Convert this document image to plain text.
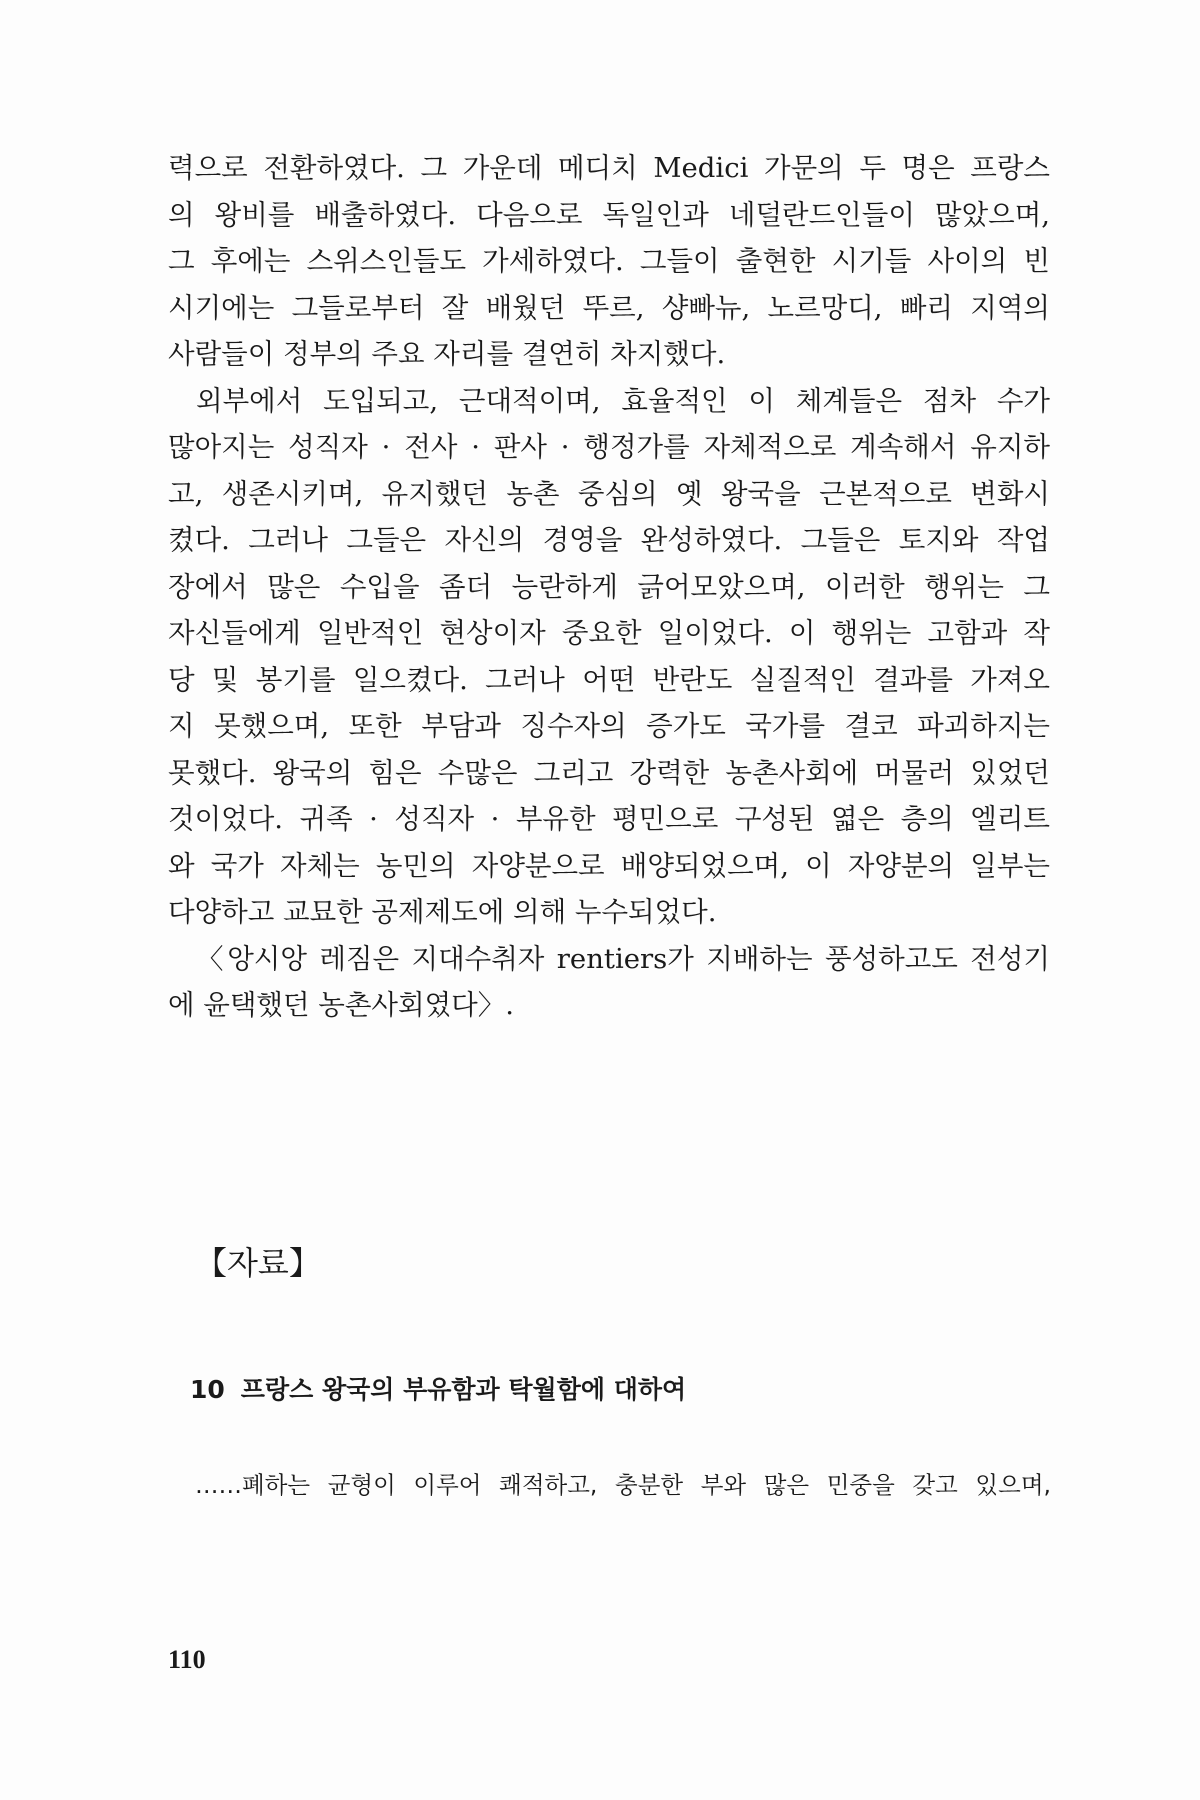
력으로 전환하였다. 그 가운데 메디치 Medici 가문의 두 명은 프랑스
의 왕비를 배출하였다. 다음으로 독일인과 네덜란드인들이 많았으며,
그 후에는 스위스인들도 가세하였다. 그들이 출현한 시기들 사이의 빈
시기에는 그들로부터 잘 배웠던 뚜르, 샹빠뉴, 노르망디, 빠리 지역의
사람들이 정부의 주요 자리를 결연히 차지했다.
외부에서 도입되고, 근대적이며, 효율적인 이 체계들은 점차 수가
많아지는 성직자 · 전사 · 판사 · 행정가를 자체적으로 계속해서 유지하
고, 생존시키며, 유지했던 농촌 중심의 옛 왕국을 근본적으로 변화시
켰다. 그러나 그들은 자신의 경영을 완성하였다. 그들은 토지와 작업
장에서 많은 수입을 좀더 능란하게 긁어모았으며, 이러한 행위는 그
자신들에게 일반적인 현상이자 중요한 일이었다. 이 행위는 고함과 작
당 및 봉기를 일으켰다. 그러나 어떤 반란도 실질적인 결과를 가져오
지 못했으며, 또한 부담과 징수자의 증가도 국가를 결코 파괴하지는
못했다. 왕국의 힘은 수많은 그리고 강력한 농촌사회에 머물러 있었던
것이었다. 귀족 · 성직자 · 부유한 평민으로 구성된 엷은 층의 엘리트
와 국가 자체는 농민의 자양분으로 배양되었으며, 이 자양분의 일부는
다양하고 교묘한 공제제도에 의해 누수되었다.
〈앙시앙 레짐은 지대수취자 rentiers가 지배하는 풍성하고도 전성기
에 윤택했던 농촌사회였다〉.
【자료】
10 프랑스 왕국의 부유함과 탁월함에 대하여
……폐하는 균형이 이루어 쾌적하고, 충분한 부와 많은 민중을 갖고 있으며,
110
